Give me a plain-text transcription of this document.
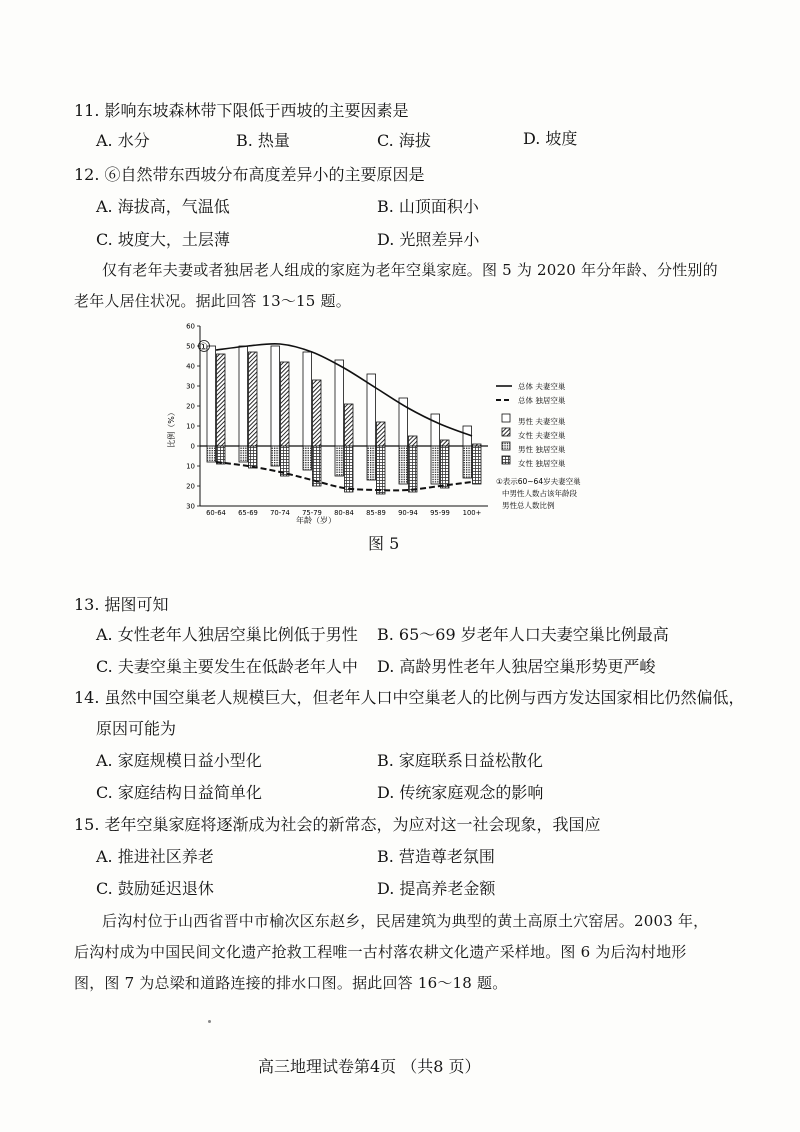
11. 影响东坡森林带下限低于西坡的主要因素是
A. 水分	B. 热量	C. 海拔	D. 坡度
12. ⑥自然带东西坡分布高度差异小的主要原因是
A. 海拔高，气温低	B. 山顶面积小
C. 坡度大，土层薄	D. 光照差异小
仅有老年夫妻或者独居老人组成的家庭为老年空巢家庭。图 5 为 2020 年分年龄、分性别的
老年人居住状况。据此回答 13～15 题。
60
50
40
30
20
10
0
10
20
30
60-64 65-69 70-74 75-79 80-84 85-89 90-94 95-99 100+
比例（%）
年龄（岁）
①
总体 夫妻空巢
总体 独居空巢
男性 夫妻空巢
女性 夫妻空巢
男性 独居空巢
女性 独居空巢
①表示60~64岁夫妻空巢
中男性人数占该年龄段
男性总人数比例
图 5
13. 据图可知
A. 女性老年人独居空巢比例低于男性 B. 65～69 岁老年人口夫妻空巢比例最高
C. 夫妻空巢主要发生在低龄老年人中 D. 高龄男性老年人独居空巢形势更严峻
14. 虽然中国空巢老人规模巨大，但老年人口中空巢老人的比例与西方发达国家相比仍然偏低，
原因可能为
A. 家庭规模日益小型化	B. 家庭联系日益松散化
C. 家庭结构日益简单化	D. 传统家庭观念的影响
15. 老年空巢家庭将逐渐成为社会的新常态，为应对这一社会现象，我国应
A. 推进社区养老	B. 营造尊老氛围
C. 鼓励延迟退休	D. 提高养老金额
后沟村位于山西省晋中市榆次区东赵乡，民居建筑为典型的黄土高原土穴窑居。2003 年，
后沟村成为中国民间文化遗产抢救工程唯一古村落农耕文化遗产采样地。图 6 为后沟村地形
图，图 7 为总梁和道路连接的排水口图。据此回答 16～18 题。
高三地理试卷第4页 （共8 页）
